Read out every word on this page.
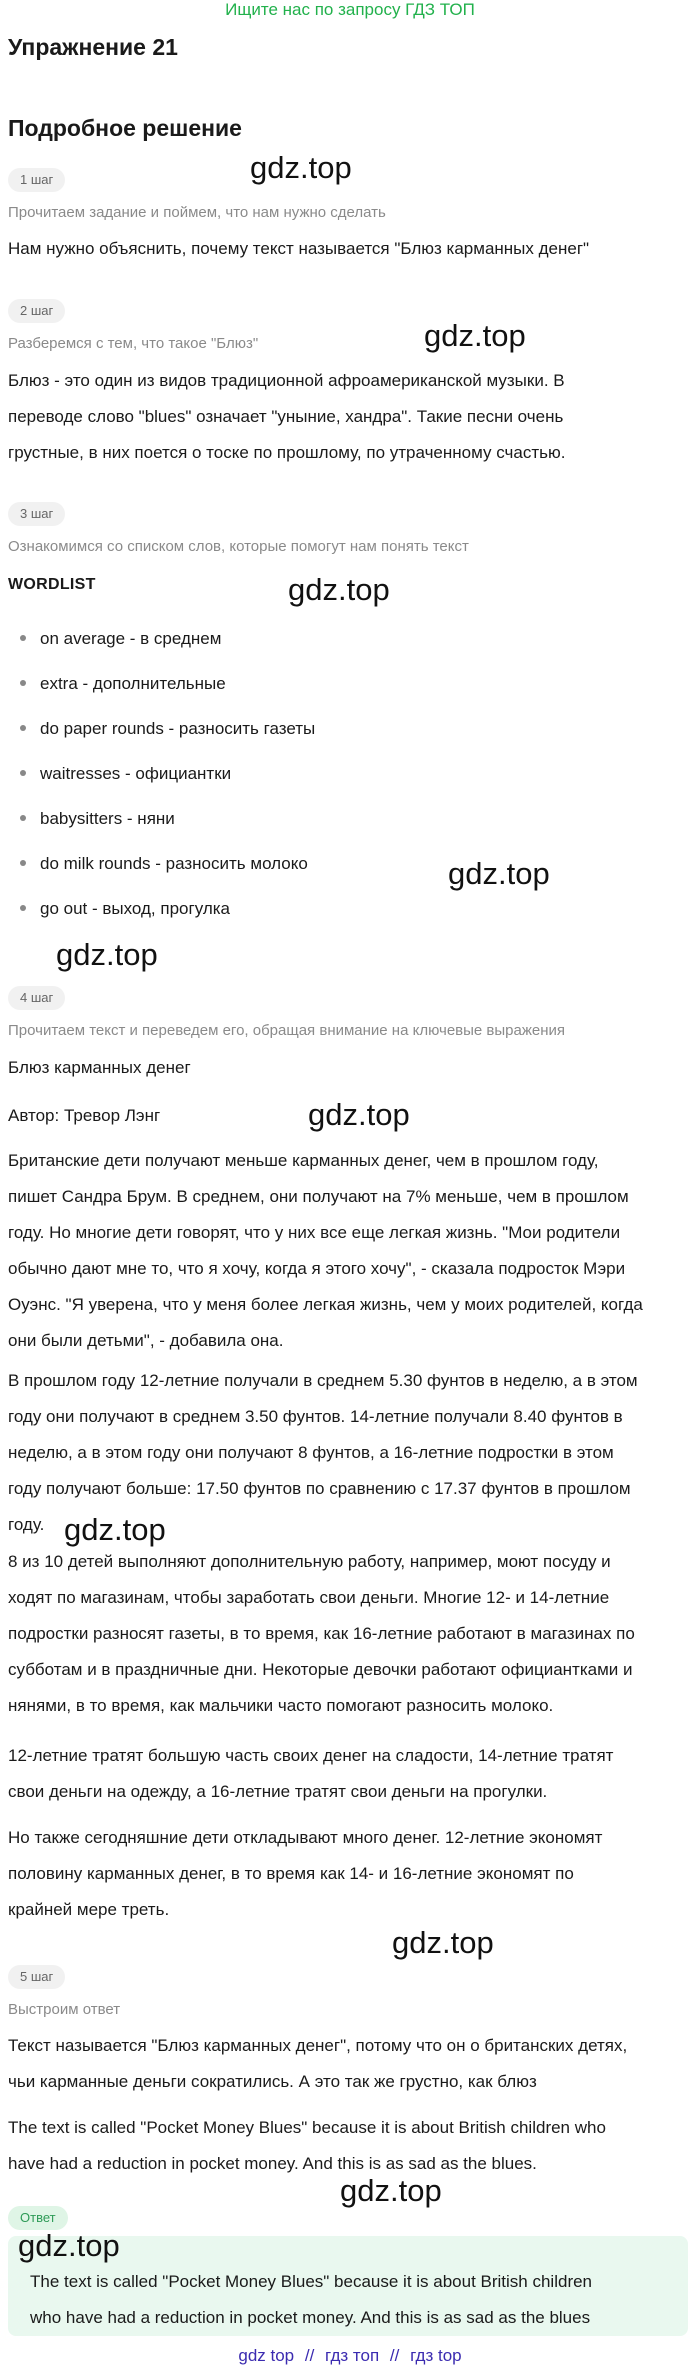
Ищите нас по запросу ГДЗ ТОП
Упражнение 21
Подробное решение
gdz.top
gdz.top
gdz.top
gdz.top
gdz.top
gdz.top
gdz.top
gdz.top
gdz.top
1 шаг
Прочитаем задание и поймем, что нам нужно сделать
Нам нужно объяснить, почему текст называется "Блюз карманных денег"
2 шаг
Разберемся с тем, что такое "Блюз"
Блюз - это один из видов традиционной афроамериканской музыки. В
переводе слово "blues" означает "уныние, хандра". Такие песни очень
грустные, в них поется о тоске по прошлому, по утраченному счастью.
3 шаг
Ознакомимся со списком слов, которые помогут нам понять текст
WORDLIST
on average - в среднем
extra - дополнительные
do paper rounds - разносить газеты
waitresses - официантки
babysitters - няни
do milk rounds - разносить молоко
go out - выход, прогулка
4 шаг
Прочитаем текст и переведем его, обращая внимание на ключевые выражения
Блюз карманных денег
Автор: Тревор Лэнг
Британские дети получают меньше карманных денег, чем в прошлом году,
пишет Сандра Брум. В среднем, они получают на 7% меньше, чем в прошлом
году. Но многие дети говорят, что у них все еще легкая жизнь. "Мои родители
обычно дают мне то, что я хочу, когда я этого хочу", - сказала подросток Мэри
Оуэнс. "Я уверена, что у меня более легкая жизнь, чем у моих родителей, когда
они были детьми", - добавила она.
В прошлом году 12-летние получали в среднем 5.30 фунтов в неделю, а в этом
году они получают в среднем 3.50 фунтов. 14-летние получали 8.40 фунтов в
неделю, а в этом году они получают 8 фунтов, а 16-летние подростки в этом
году получают больше: 17.50 фунтов по сравнению с 17.37 фунтов в прошлом
году.
8 из 10 детей выполняют дополнительную работу, например, моют посуду и
ходят по магазинам, чтобы заработать свои деньги. Многие 12- и 14-летние
подростки разносят газеты, в то время, как 16-летние работают в магазинах по
субботам и в праздничные дни. Некоторые девочки работают официантками и
нянями, в то время, как мальчики часто помогают разносить молоко.
12-летние тратят большую часть своих денег на сладости, 14-летние тратят
свои деньги на одежду, а 16-летние тратят свои деньги на прогулки.
Но также сегодняшние дети откладывают много денег. 12-летние экономят
половину карманных денег, в то время как 14- и 16-летние экономят по
крайней мере треть.
5 шаг
Выстроим ответ
Текст называется "Блюз карманных денег", потому что он о британских детях,
чьи карманные деньги сократились. А это так же грустно, как блюз
The text is called "Pocket Money Blues" because it is about British children who
have had a reduction in pocket money. And this is as sad as the blues.
Ответ
gdz.top
The text is called "Pocket Money Blues" because it is about British children
who have had a reduction in pocket money. And this is as sad as the blues
gdz top // гдз топ // гдз top
